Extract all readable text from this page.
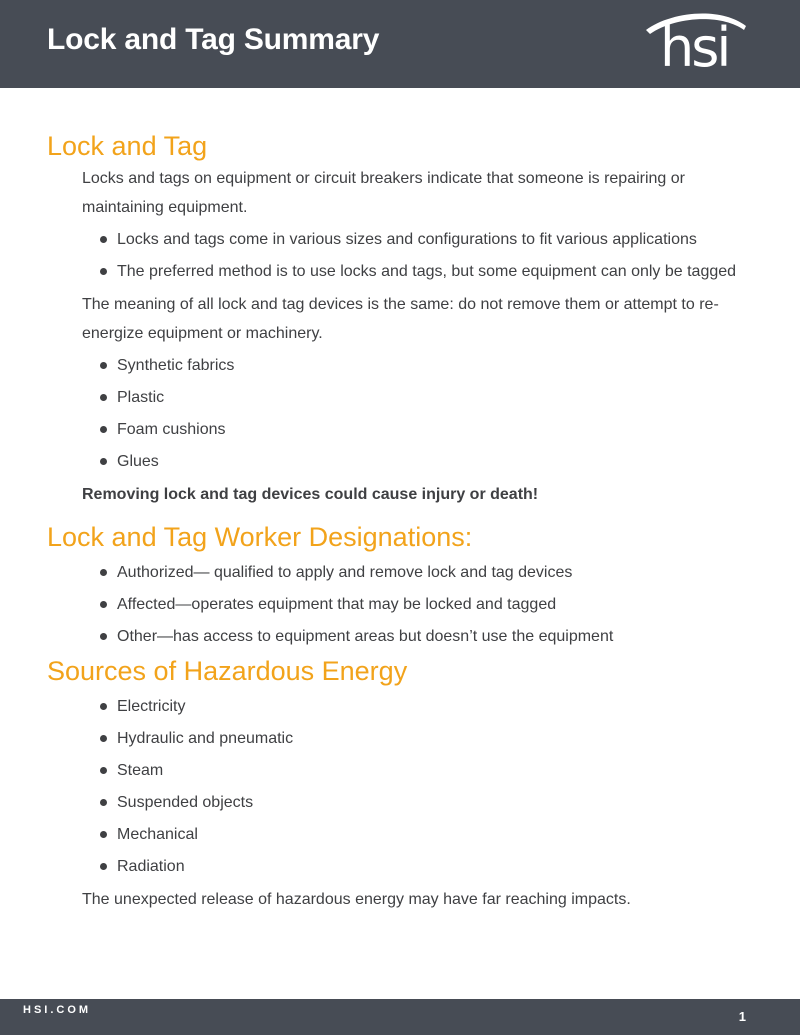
Lock and Tag Summary	hsi
Lock and Tag

Locks and tags on equipment or circuit breakers indicate that someone is repairing or maintaining equipment.

Locks and tags come in various sizes and configurations to fit various applications
The preferred method is to use locks and tags, but some equipment can only be tagged

The meaning of all lock and tag devices is the same: do not remove them or attempt to re-energize equipment or machinery.

Synthetic fabrics
Plastic
Foam cushions
Glues

Removing lock and tag devices could cause injury or death!

Lock and Tag Worker Designations:
Authorized— qualified to apply and remove lock and tag devices
Affected—operates equipment that may be locked and tagged
Other—has access to equipment areas but doesn’t use the equipment
Sources of Hazardous Energy
Electricity
Hydraulic and pneumatic
Steam
Suspended objects
Mechanical
Radiation

The unexpected release of hazardous energy may have far reaching impacts.

HSI.COM	1
